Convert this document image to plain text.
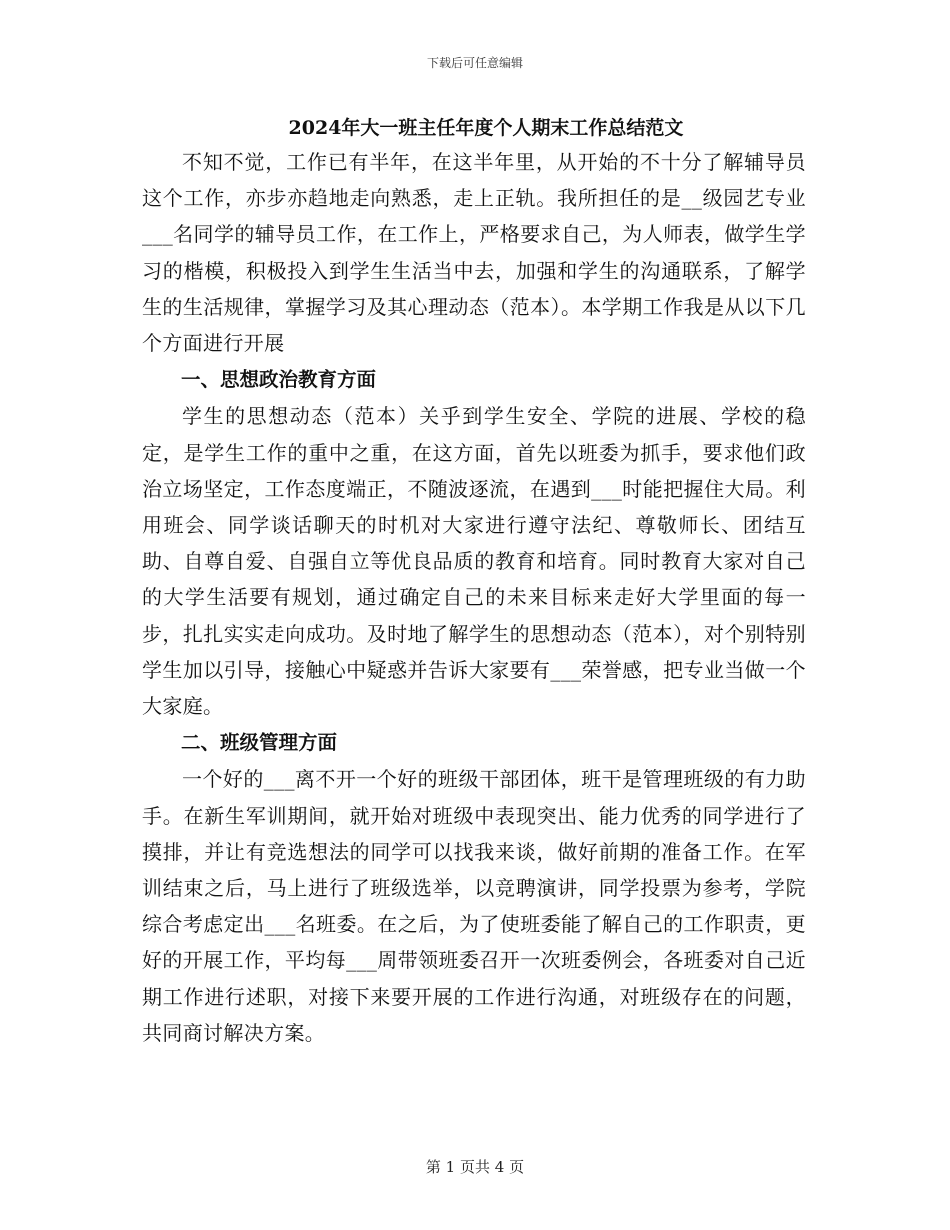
下载后可任意编辑
2024年大一班主任年度个人期末工作总结范文

不知不觉，工作已有半年，在这半年里，从开始的不十分了解辅导员这个工作，亦步亦趋地走向熟悉，走上正轨。我所担任的是__级园艺专业___名同学的辅导员工作，在工作上，严格要求自己，为人师表，做学生学习的楷模，积极投入到学生生活当中去，加强和学生的沟通联系，了解学生的生活规律，掌握学习及其心理动态（范本）。本学期工作我是从以下几个方面进行开展

一、思想政治教育方面

学生的思想动态（范本）关乎到学生安全、学院的进展、学校的稳定，是学生工作的重中之重，在这方面，首先以班委为抓手，要求他们政治立场坚定，工作态度端正，不随波逐流，在遇到___时能把握住大局。利用班会、同学谈话聊天的时机对大家进行遵守法纪、尊敬师长、团结互助、自尊自爱、自强自立等优良品质的教育和培育。同时教育大家对自己的大学生活要有规划，通过确定自己的未来目标来走好大学里面的每一步，扎扎实实走向成功。及时地了解学生的思想动态（范本），对个别特别学生加以引导，接触心中疑惑并告诉大家要有___荣誉感，把专业当做一个大家庭。

二、班级管理方面

一个好的___离不开一个好的班级干部团体，班干是管理班级的有力助手。在新生军训期间，就开始对班级中表现突出、能力优秀的同学进行了摸排，并让有竞选想法的同学可以找我来谈，做好前期的准备工作。在军训结束之后，马上进行了班级选举，以竞聘演讲，同学投票为参考，学院综合考虑定出___名班委。在之后，为了使班委能了解自己的工作职责，更好的开展工作，平均每___周带领班委召开一次班委例会，各班委对自己近期工作进行述职，对接下来要开展的工作进行沟通，对班级存在的问题，共同商讨解决方案。

第 1 页共 4 页
